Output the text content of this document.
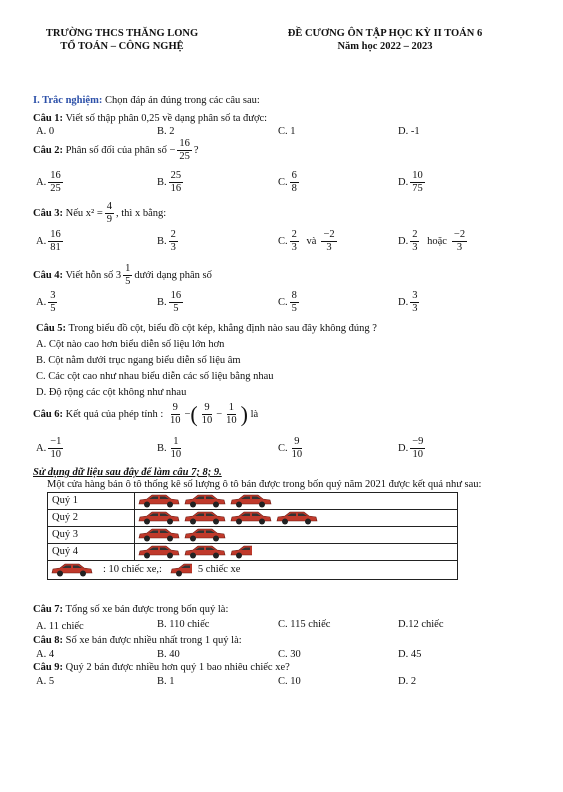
TRƯỜNG THCS THĂNG LONG
TỔ TOÁN – CÔNG NGHỆ
ĐỀ CƯƠNG ÔN TẬP HỌC KỲ II TOÁN 6
Năm học 2022 – 2023
I. Trắc nghiệm: Chọn đáp án đúng trong các câu sau:
Câu 1: Viết số thập phân 0,25 về dạng phân số ta được:
A. 0	B. 2	C. 1	D. -1
Câu 2: Phân số đối của phân số − $\frac{16}{25}$ ?
A. $\frac{16}{25}$	B. $\frac{25}{16}$	C. $\frac{6}{8}$	D. $\frac{10}{75}$
Câu 3: Nếu $x^2 = \frac{4}{9}$ , thì x bằng:
A. $\frac{16}{81}$	B. $\frac{2}{3}$	C. $\frac{2}{3}$ và $\frac{-2}{3}$	D. $\frac{2}{3}$ hoặc $\frac{-2}{3}$
Câu 4: Viết hỗn số $3 \frac{1}{5}$ dưới dạng phân số
A. $\frac{3}{5}$	B. $\frac{16}{5}$	C. $\frac{8}{5}$	D. $\frac{3}{3}$
Câu 5: Trong biểu đồ cột, biểu đồ cột kép, khẳng định nào sau đây không đúng ?
A. Cột nào cao hơn biểu diễn số liệu lớn hơn
B. Cột nằm dưới trục ngang biểu diễn số liệu âm
C. Các cột cao như nhau biểu diễn các số liệu bằng nhau
D. Độ rộng các cột không như nhau
Câu 6: Kết quả của phép tính : $\frac{9}{10}$ −( $\frac{9}{10} - \frac{1}{10}$ ) là
A. $\frac{-1}{10}$	B. $\frac{1}{10}$	C. $\frac{9}{10}$	D. $\frac{-9}{10}$
Sử dụng dữ liệu sau đây để làm câu 7; 8; 9.
Một cửa hàng bán ô tô thống kê số lượng ô tô bán được trong bốn quý năm 2021 được kết quả như sau:
Quý 1	

Quý 2	

Quý 3	

Quý 4	

: 10 chiếc xe,: 5 chiếc xe	
Câu 7: Tổng số xe bán được trong bốn quý là:
A. 11 chiếc	B. 110 chiếc	C. 115 chiếc	D.12 chiếc
Câu 8: Số xe bán được nhiều nhất trong 1 quý là:
A. 4	B. 40	C. 30	D. 45
Câu 9: Quý 2 bán được nhiều hơn quý 1 bao nhiêu chiếc xe?
A. 5	B. 1	C. 10	D. 2
